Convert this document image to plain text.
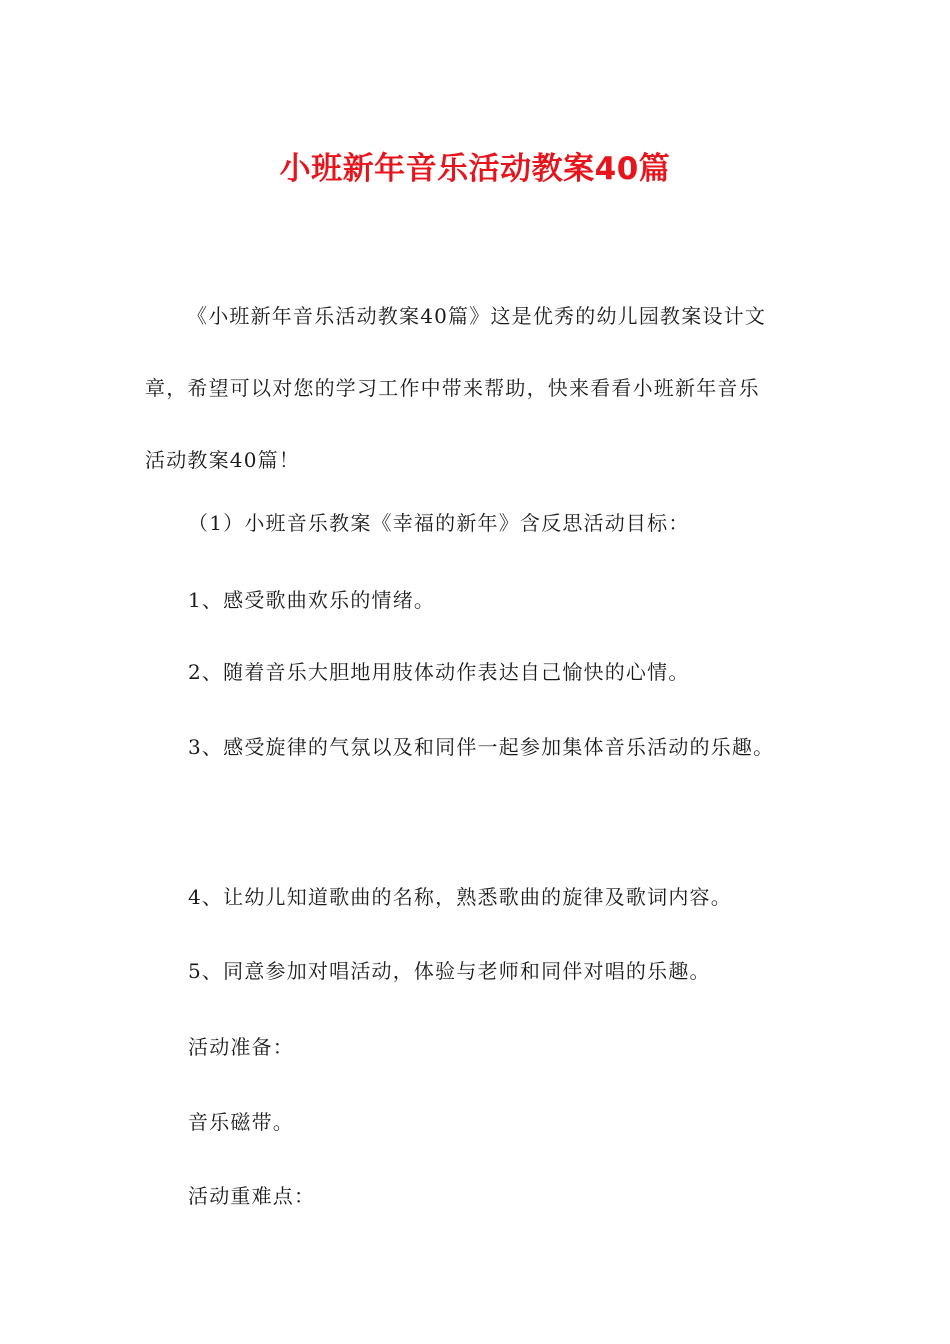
小班新年音乐活动教案40篇
《小班新年音乐活动教案40篇》这是优秀的幼儿园教案设计文
章，希望可以对您的学习工作中带来帮助，快来看看小班新年音乐
活动教案40篇！
（1）小班音乐教案《幸福的新年》含反思活动目标：
1、感受歌曲欢乐的情绪。
2、随着音乐大胆地用肢体动作表达自己愉快的心情。
3、感受旋律的气氛以及和同伴一起参加集体音乐活动的乐趣。
4、让幼儿知道歌曲的名称，熟悉歌曲的旋律及歌词内容。
5、同意参加对唱活动，体验与老师和同伴对唱的乐趣。
活动准备：
音乐磁带。
活动重难点：
